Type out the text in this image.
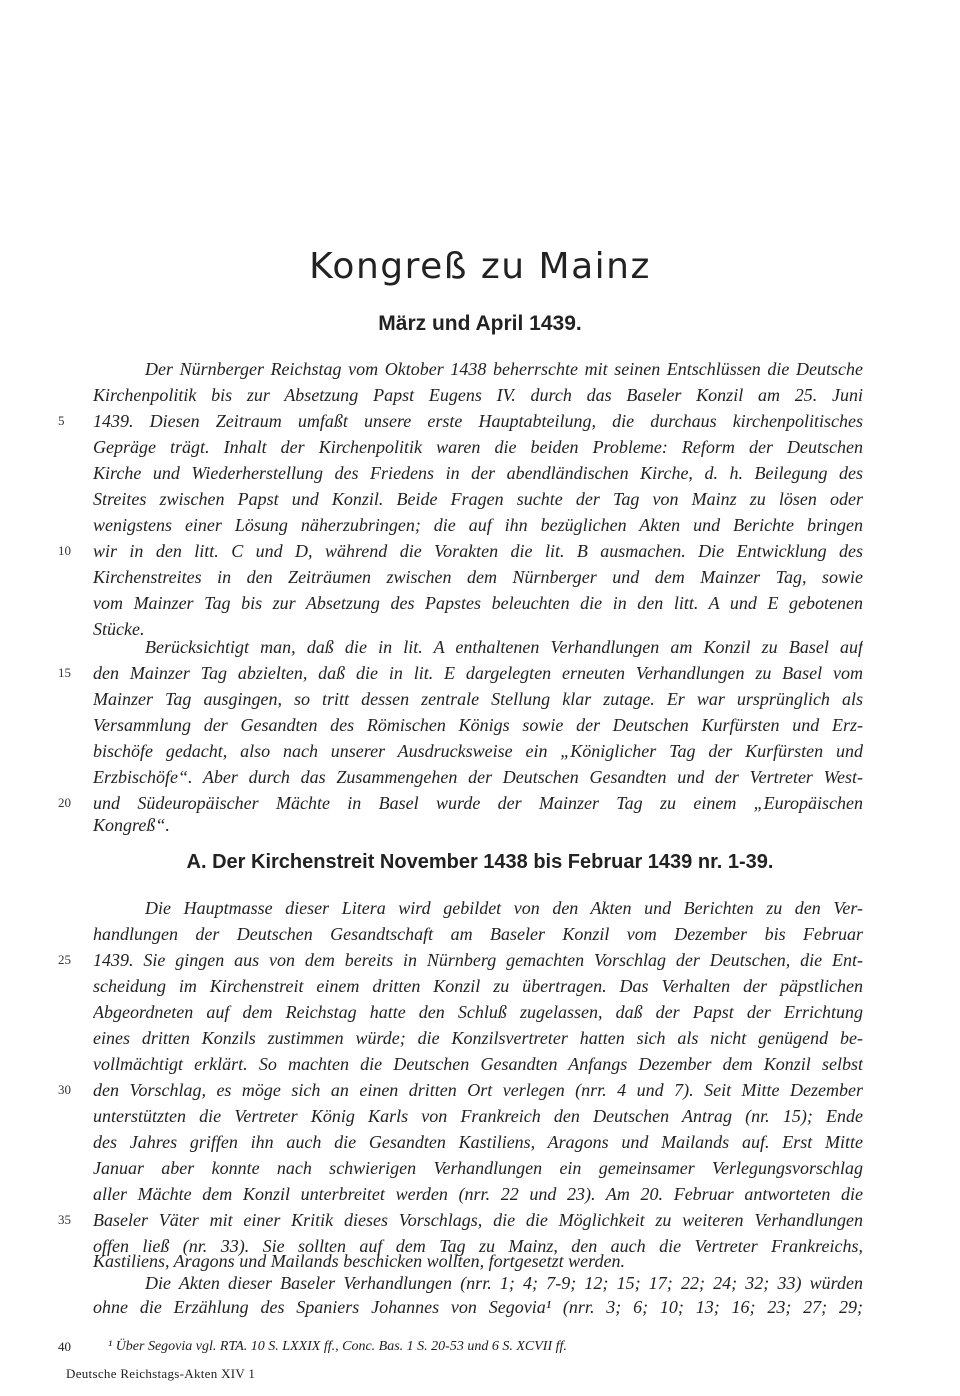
Kongreß zu Mainz
März und April 1439.
Der Nürnberger Reichstag vom Oktober 1438 beherrschte mit seinen Entschlüssen die Deutsche
Kirchenpolitik bis zur Absetzung Papst Eugens IV. durch das Baseler Konzil am 25. Juni
1439. Diesen Zeitraum umfaßt unsere erste Hauptabteilung, die durchaus kirchenpolitisches
Gepräge trägt. Inhalt der Kirchenpolitik waren die beiden Probleme: Reform der Deutschen
Kirche und Wiederherstellung des Friedens in der abendländischen Kirche, d. h. Beilegung des
Streites zwischen Papst und Konzil. Beide Fragen suchte der Tag von Mainz zu lösen oder
wenigstens einer Lösung näherzubringen; die auf ihn bezüglichen Akten und Berichte bringen
wir in den litt. C und D, während die Vorakten die lit. B ausmachen. Die Entwicklung des
Kirchenstreites in den Zeiträumen zwischen dem Nürnberger und dem Mainzer Tag, sowie
vom Mainzer Tag bis zur Absetzung des Papstes beleuchten die in den litt. A und E gebotenen
Stücke.
Berücksichtigt man, daß die in lit. A enthaltenen Verhandlungen am Konzil zu Basel auf
den Mainzer Tag abzielten, daß die in lit. E dargelegten erneuten Verhandlungen zu Basel vom
Mainzer Tag ausgingen, so tritt dessen zentrale Stellung klar zutage. Er war ursprünglich als
Versammlung der Gesandten des Römischen Königs sowie der Deutschen Kurfürsten und Erz-
bischöfe gedacht, also nach unserer Ausdrucksweise ein „Königlicher Tag der Kurfürsten und
Erzbischöfe“. Aber durch das Zusammengehen der Deutschen Gesandten und der Vertreter West-
und Südeuropäischer Mächte in Basel wurde der Mainzer Tag zu einem „Europäischen
Kongreß“.
A. Der Kirchenstreit November 1438 bis Februar 1439 nr. 1-39.
Die Hauptmasse dieser Litera wird gebildet von den Akten und Berichten zu den Ver-
handlungen der Deutschen Gesandtschaft am Baseler Konzil vom Dezember bis Februar
1439. Sie gingen aus von dem bereits in Nürnberg gemachten Vorschlag der Deutschen, die Ent-
scheidung im Kirchenstreit einem dritten Konzil zu übertragen. Das Verhalten der päpstlichen
Abgeordneten auf dem Reichstag hatte den Schluß zugelassen, daß der Papst der Errichtung
eines dritten Konzils zustimmen würde; die Konzilsvertreter hatten sich als nicht genügend be-
vollmächtigt erklärt. So machten die Deutschen Gesandten Anfangs Dezember dem Konzil selbst
den Vorschlag, es möge sich an einen dritten Ort verlegen (nrr. 4 und 7). Seit Mitte Dezember
unterstützten die Vertreter König Karls von Frankreich den Deutschen Antrag (nr. 15); Ende
des Jahres griffen ihn auch die Gesandten Kastiliens, Aragons und Mailands auf. Erst Mitte
Januar aber konnte nach schwierigen Verhandlungen ein gemeinsamer Verlegungsvorschlag
aller Mächte dem Konzil unterbreitet werden (nrr. 22 und 23). Am 20. Februar antworteten die
Baseler Väter mit einer Kritik dieses Vorschlags, die die Möglichkeit zu weiteren Verhandlungen
offen ließ (nr. 33). Sie sollten auf dem Tag zu Mainz, den auch die Vertreter Frankreichs,
Kastiliens, Aragons und Mailands beschicken wollten, fortgesetzt werden.
Die Akten dieser Baseler Verhandlungen (nrr. 1; 4; 7-9; 12; 15; 17; 22; 24; 32; 33) würden
ohne die Erzählung des Spaniers Johannes von Segovia¹ (nrr. 3; 6; 10; 13; 16; 23; 27; 29;
5
10
15
20
25
30
35
40	¹ Über Segovia vgl. RTA. 10 S. LXXIX ff., Conc. Bas. 1 S. 20-53 und 6 S. XCVII ff.
Deutsche Reichstags-Akten XIV 1
